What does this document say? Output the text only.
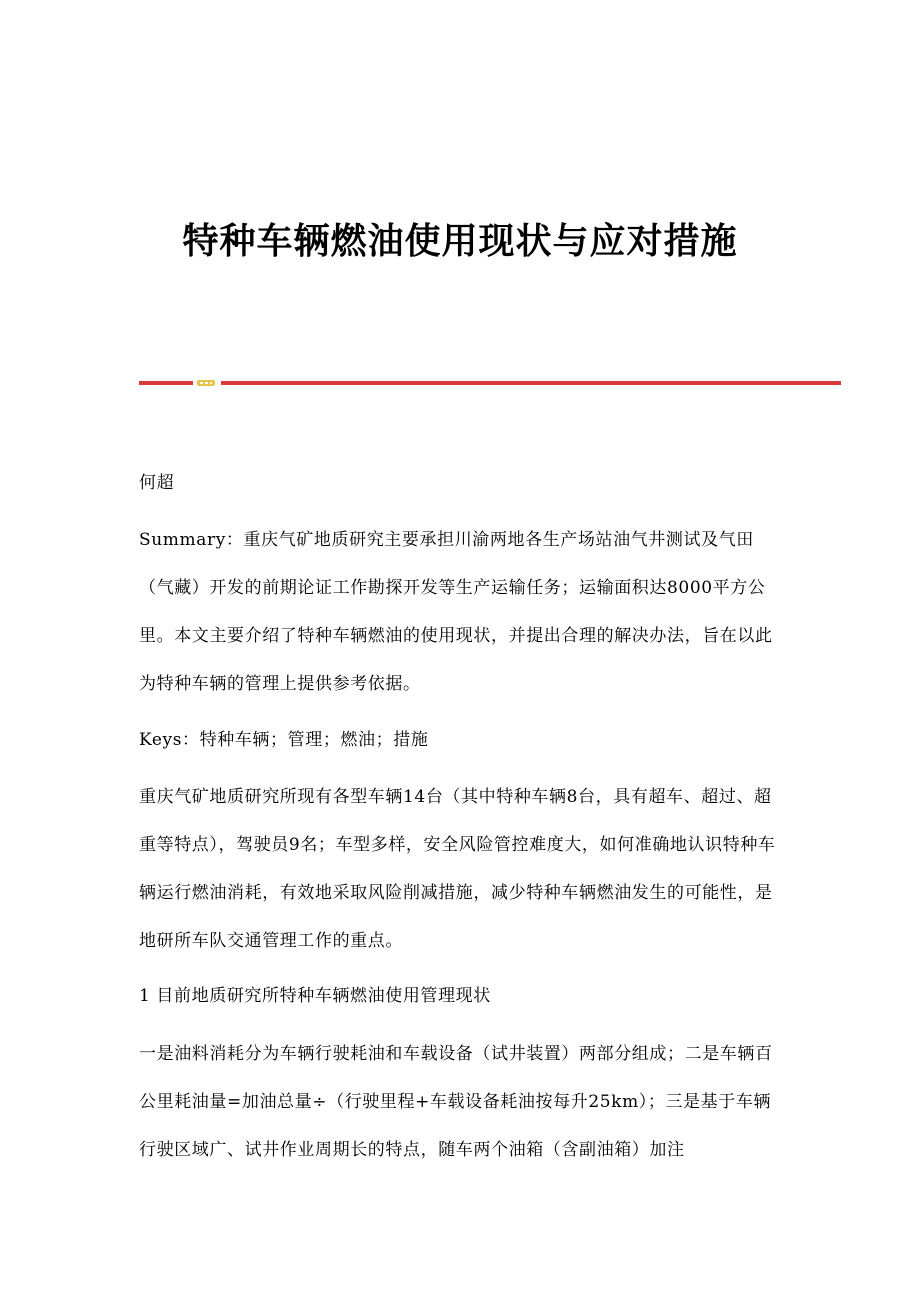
特种车辆燃油使用现状与应对措施

何超

Summary：重庆气矿地质研究主要承担川渝两地各生产场站油气井测试及气田（气藏）开发的前期论证工作勘探开发等生产运输任务；运输面积达8000平方公里。本文主要介绍了特种车辆燃油的使用现状，并提出合理的解决办法，旨在以此为特种车辆的管理上提供参考依据。

Keys：特种车辆；管理；燃油；措施

重庆气矿地质研究所现有各型车辆14台（其中特种车辆8台，具有超车、超过、超重等特点），驾驶员9名；车型多样，安全风险管控难度大，如何准确地认识特种车辆运行燃油消耗，有效地采取风险削减措施，减少特种车辆燃油发生的可能性，是地研所车队交通管理工作的重点。

1 目前地质研究所特种车辆燃油使用管理现状

一是油料消耗分为车辆行驶耗油和车载设备（试井装置）两部分组成；二是车辆百公里耗油量=加油总量÷（行驶里程+车载设备耗油按每升25km）；三是基于车辆行驶区域广、试井作业周期长的特点，随车两个油箱（含副油箱）加注
